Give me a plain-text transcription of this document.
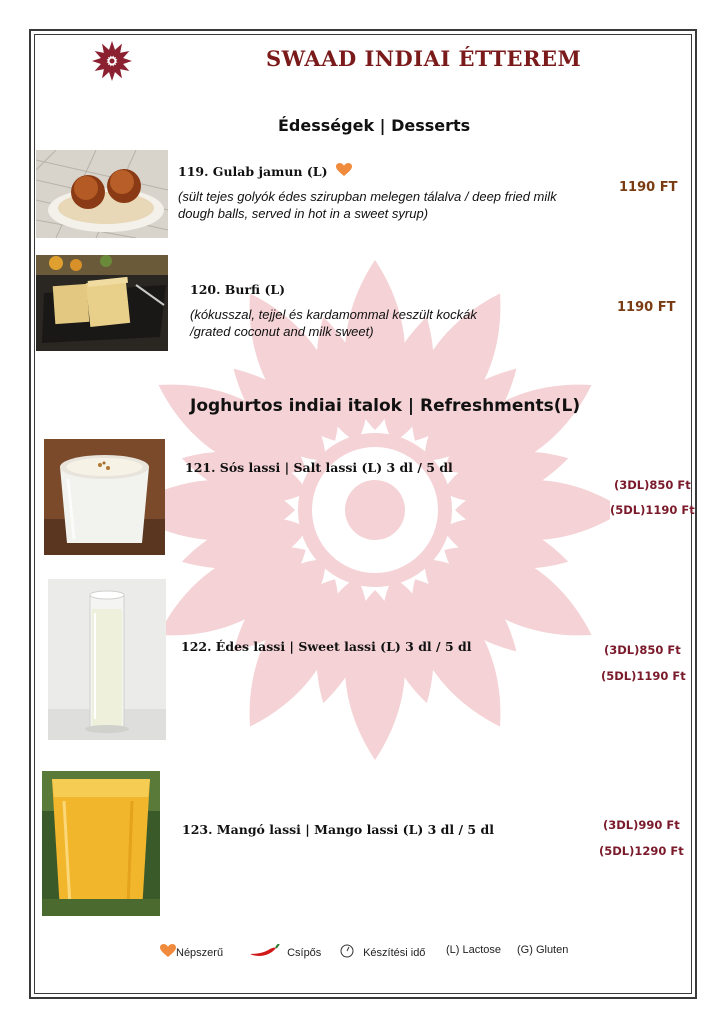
SWAAD INDIAI ÉTTEREM
Édességek | Desserts
119. Gulab jamun (L)
(sült tejes golyók édes szirupban melegen tálalva / deep fried milk dough balls, served in hot in a sweet syrup)
1190 FT
120. Burfi (L)
(kókusszal, tejjel és kardamommal keszült kockák /grated coconut and milk sweet)
1190 FT
Joghurtos indiai italok | Refreshments(L)
121. Sós lassi | Salt lassi (L) 3 dl / 5 dl
(3DL)850 Ft
(5DL)1190 Ft
122. Édes lassi | Sweet lassi (L) 3 dl / 5 dl	(3DL)850 Ft
(5DL)1190 Ft
123. Mangó lassi | Mango lassi (L) 3 dl / 5 dl	(3DL)990 Ft
(5DL)1290 Ft
Népszerű	Csípős	Készítési idő (L) Lactose (G) Gluten
